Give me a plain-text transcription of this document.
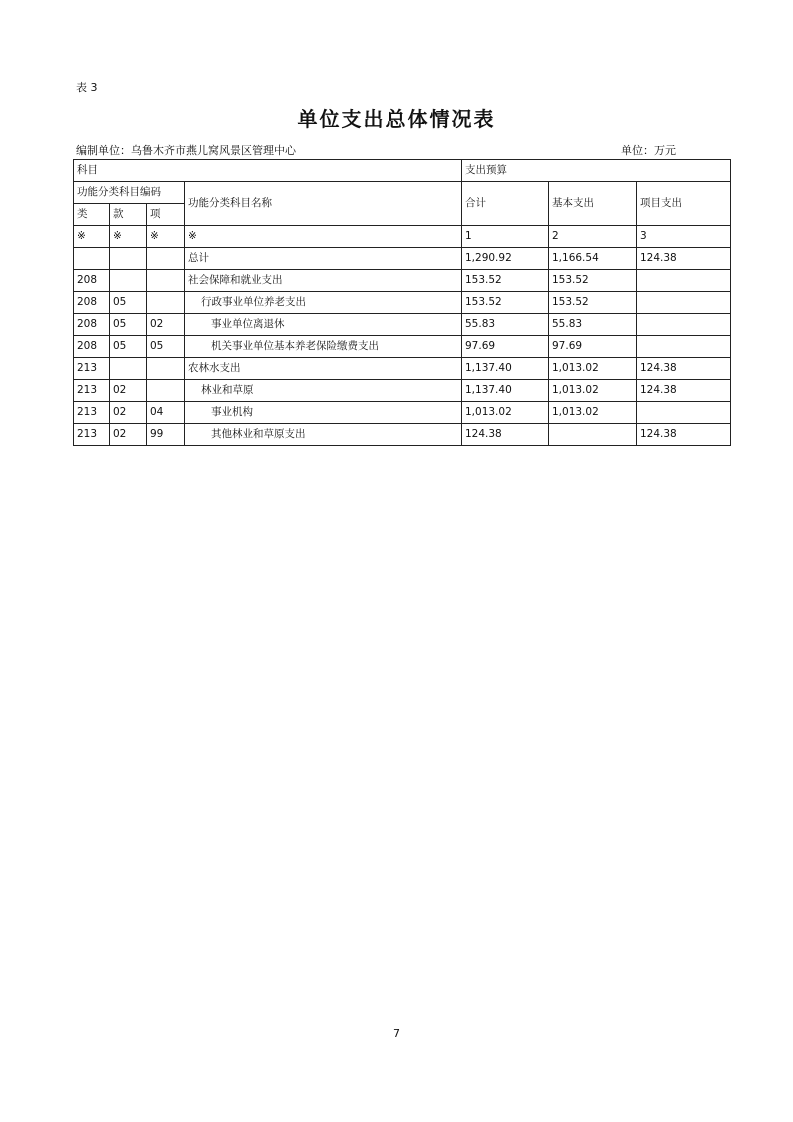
表 3
单位支出总体情况表
编制单位：乌鲁木齐市燕儿窝风景区管理中心	单位：万元
科目				支出预算		
功能分类科目编码			功能分类科目名称	合计	基本支出	项目支出
类	款	项				
※	※	※	※	1	2	3
			总计	1,290.92	1,166.54	124.38
208			社会保障和就业支出	153.52	153.52	
208	05		行政事业单位养老支出	153.52	153.52	
208	05	02	事业单位离退休	55.83	55.83	
208	05	05	机关事业单位基本养老保险缴费支出	97.69	97.69	
213			农林水支出	1,137.40	1,013.02	124.38
213	02		林业和草原	1,137.40	1,013.02	124.38
213	02	04	事业机构	1,013.02	1,013.02	
213	02	99	其他林业和草原支出	124.38		124.38
7
